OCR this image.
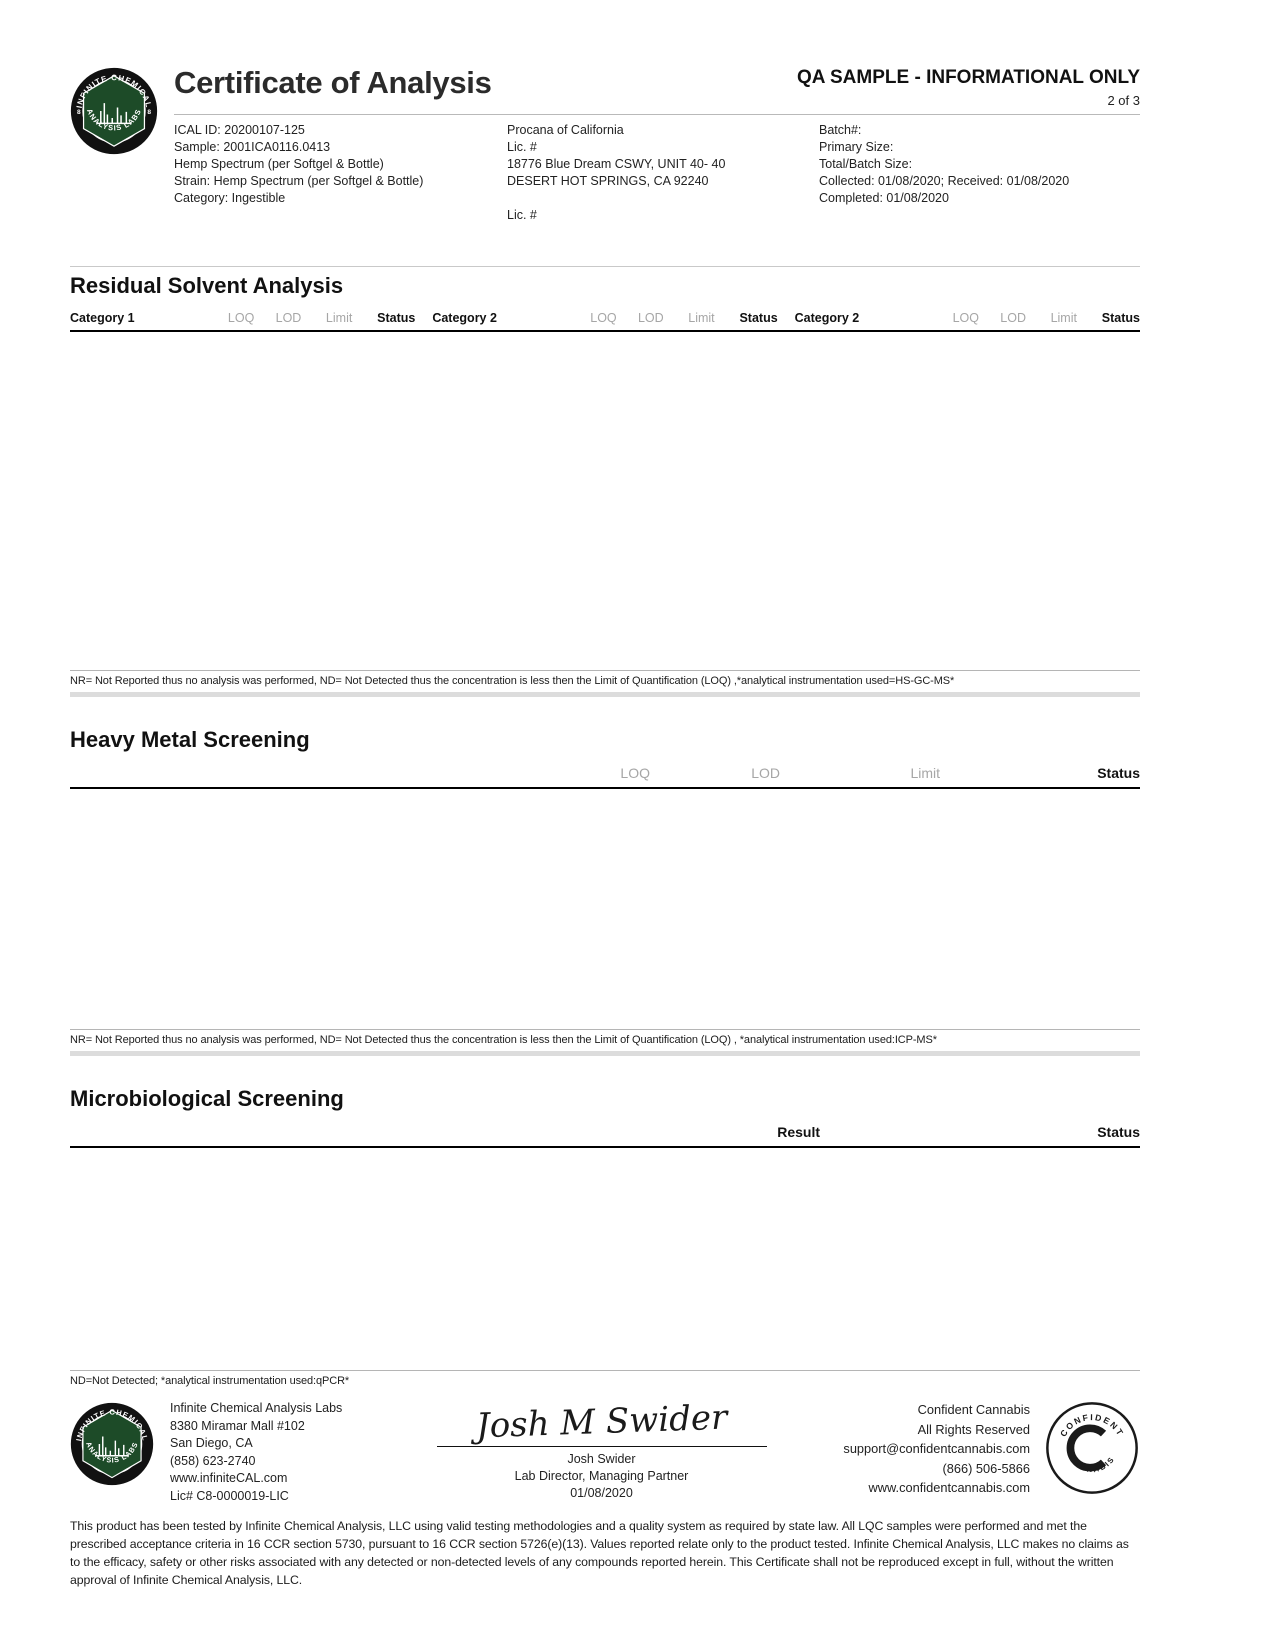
INFINITE CHEMICAL
ANALYSIS LABS
8	8
Certificate of Analysis	QA SAMPLE - INFORMATIONAL ONLY
2 of 3
ICAL ID: 20200107-125
Sample: 2001ICA0116.0413
Hemp Spectrum (per Softgel & Bottle)
Strain: Hemp Spectrum (per Softgel & Bottle)
Category: Ingestible
Procana of California
Lic. #
18776 Blue Dream CSWY, UNIT 40- 40
DESERT HOT SPRINGS, CA 92240
Lic. #
Batch#:
Primary Size:
Total/Batch Size:
Collected: 01/08/2020; Received: 01/08/2020
Completed: 01/08/2020
Residual Solvent Analysis
Category 1	LOQ	LOD	Limit	Status Category 2	LOQ	LOD	Limit	Status Category 2	LOQ	LOD	Limit	Status
NR= Not Reported thus no analysis was performed, ND= Not Detected thus the concentration is less then the Limit of Quantification (LOQ) ,*analytical instrumentation used=HS-GC-MS*
Heavy Metal Screening
LOQ	LOD	Limit	Status
NR= Not Reported thus no analysis was performed, ND= Not Detected thus the concentration is less then the Limit of Quantification (LOQ) , *analytical instrumentation used:ICP-MS*
Microbiological Screening
Result	Status
ND=Not Detected; *analytical instrumentation used:qPCR*
INFINITE CHEMICAL
ANALYSIS LABS
Infinite Chemical Analysis Labs
8380 Miramar Mall #102
San Diego, CA
(858) 623-2740
www.infiniteCAL.com
Lic# C8-0000019-LIC
Josh M Swider
Josh Swider
Lab Director, Managing Partner
01/08/2020
Confident Cannabis
All Rights Reserved
support@confidentcannabis.com
(866) 506-5866
www.confidentcannabis.com
CONFIDENT
CANNABIS
This product has been tested by Infinite Chemical Analysis, LLC using valid testing methodologies and a quality system as required by state law. All LQC samples were performed and met the prescribed acceptance criteria in 16 CCR section 5730, pursuant to 16 CCR section 5726(e)(13). Values reported relate only to the product tested. Infinite Chemical Analysis, LLC makes no claims as to the efficacy, safety or other risks associated with any detected or non-detected levels of any compounds reported herein. This Certificate shall not be reproduced except in full, without the written approval of Infinite Chemical Analysis, LLC.
